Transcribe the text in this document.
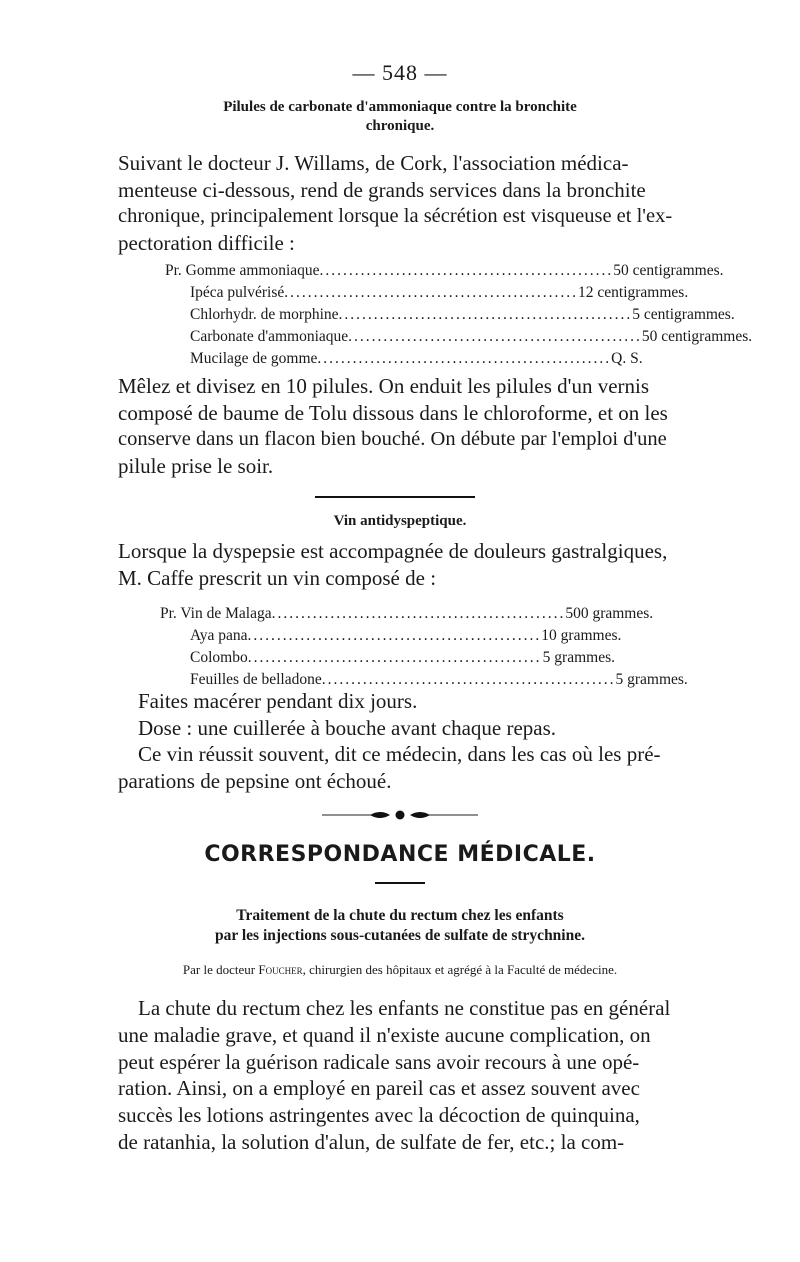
— 548 —
Pilules de carbonate d'ammoniaque contre la bronchite
chronique.
Suivant le docteur J. Willams, de Cork, l'association médica-
menteuse ci-dessous, rend de grands services dans la bronchite
chronique, principalement lorsque la sécrétion est visqueuse et l'ex-
pectoration difficile :
Pr. Gomme ammoniaque .................................................. 50 centigrammes.
Ipéca pulvérisé .................................................. 12 centigrammes.
Chlorhydr. de morphine .................................................. 5 centigrammes.
Carbonate d'ammoniaque .................................................. 50 centigrammes.
Mucilage de gomme .................................................. Q. S.
Mêlez et divisez en 10 pilules. On enduit les pilules d'un vernis
composé de baume de Tolu dissous dans le chloroforme, et on les
conserve dans un flacon bien bouché. On débute par l'emploi d'une
pilule prise le soir.
Vin antidyspeptique.
Lorsque la dyspepsie est accompagnée de douleurs gastralgiques,
M. Caffe prescrit un vin composé de :
Pr. Vin de Malaga .................................................. 500 grammes.
Aya pana .................................................. 10 grammes.
Colombo .................................................. 5 grammes.
Feuilles de belladone .................................................. 5 grammes.
Faites macérer pendant dix jours.
Dose : une cuillerée à bouche avant chaque repas.
Ce vin réussit souvent, dit ce médecin, dans les cas où les pré-
parations de pepsine ont échoué.
CORRESPONDANCE MÉDICALE.
Traitement de la chute du rectum chez les enfants
par les injections sous-cutanées de sulfate de strychnine.
Par le docteur Foucher, chirurgien des hôpitaux et agrégé à la Faculté de médecine.
La chute du rectum chez les enfants ne constitue pas en général
une maladie grave, et quand il n'existe aucune complication, on
peut espérer la guérison radicale sans avoir recours à une opé-
ration. Ainsi, on a employé en pareil cas et assez souvent avec
succès les lotions astringentes avec la décoction de quinquina,
de ratanhia, la solution d'alun, de sulfate de fer, etc.; la com-
